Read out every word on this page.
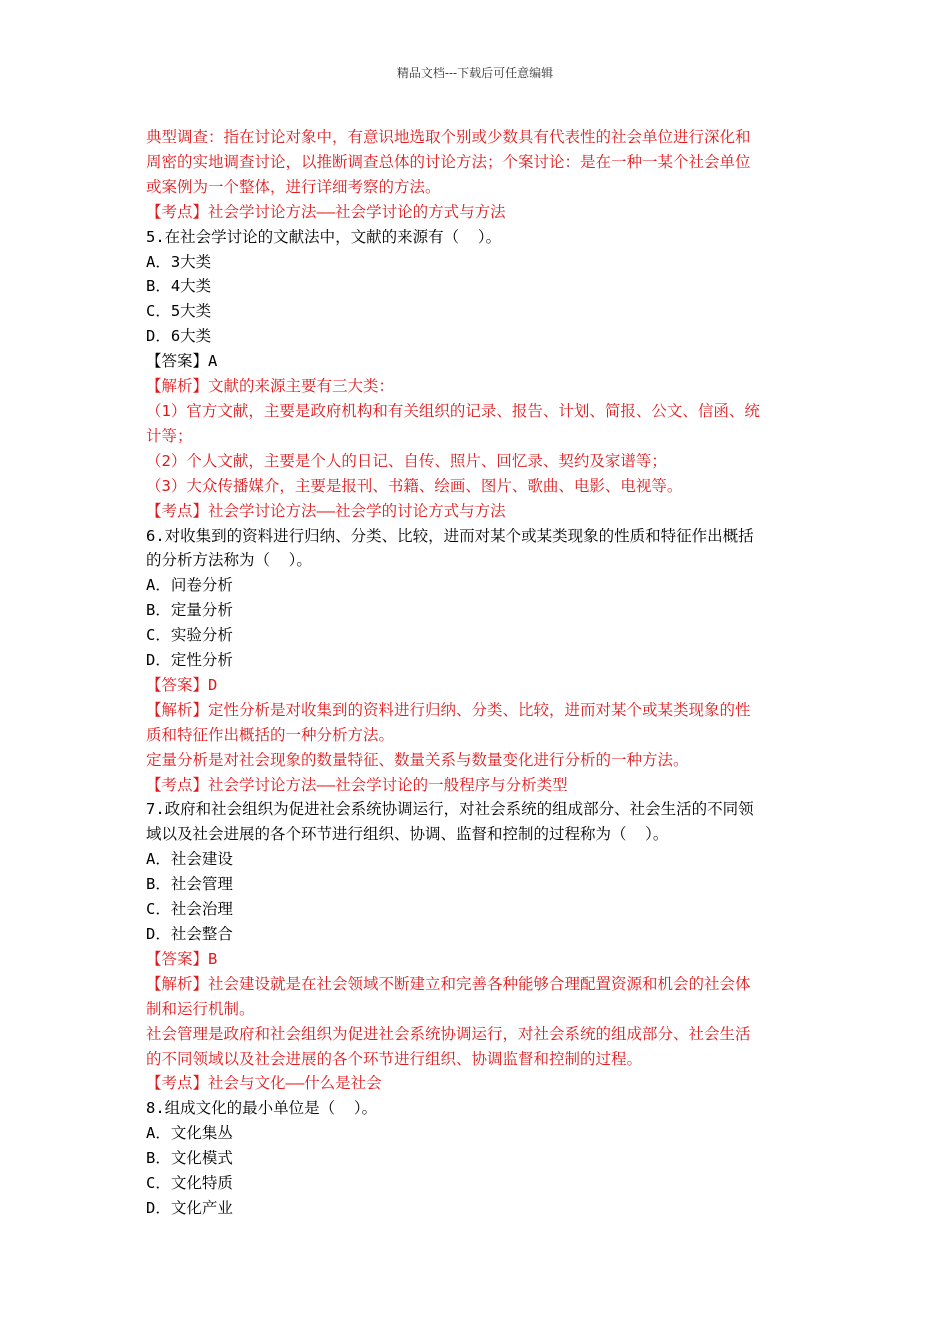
精品文档---下载后可任意编辑
典型调查：指在讨论对象中，有意识地选取个别或少数具有代表性的社会单位进行深化和
周密的实地调查讨论，以推断调查总体的讨论方法；个案讨论：是在一种一某个社会单位
或案例为一个整体，进行详细考察的方法。
【考点】社会学讨论方法——社会学讨论的方式与方法
5.在社会学讨论的文献法中，文献的来源有（  ）。
A．3大类
B．4大类
C．5大类
D．6大类
【答案】A
【解析】文献的来源主要有三大类：
（1）官方文献，主要是政府机构和有关组织的记录、报告、计划、简报、公文、信函、统
计等；
（2）个人文献，主要是个人的日记、自传、照片、回忆录、契约及家谱等；
（3）大众传播媒介，主要是报刊、书籍、绘画、图片、歌曲、电影、电视等。
【考点】社会学讨论方法——社会学的讨论方式与方法
6.对收集到的资料进行归纳、分类、比较，进而对某个或某类现象的性质和特征作出概括
的分析方法称为（  ）。
A．问卷分析
B．定量分析
C．实验分析
D．定性分析
【答案】D
【解析】定性分析是对收集到的资料进行归纳、分类、比较，进而对某个或某类现象的性
质和特征作出概括的一种分析方法。
定量分析是对社会现象的数量特征、数量关系与数量变化进行分析的一种方法。
【考点】社会学讨论方法——社会学讨论的一般程序与分析类型
7.政府和社会组织为促进社会系统协调运行，对社会系统的组成部分、社会生活的不同领
域以及社会进展的各个环节进行组织、协调、监督和控制的过程称为（  ）。
A．社会建设
B．社会管理
C．社会治理
D．社会整合
【答案】B
【解析】社会建设就是在社会领域不断建立和完善各种能够合理配置资源和机会的社会体
制和运行机制。
社会管理是政府和社会组织为促进社会系统协调运行，对社会系统的组成部分、社会生活
的不同领域以及社会进展的各个环节进行组织、协调监督和控制的过程。
【考点】社会与文化——什么是社会
8.组成文化的最小单位是（  ）。
A．文化集丛
B．文化模式
C．文化特质
D．文化产业
